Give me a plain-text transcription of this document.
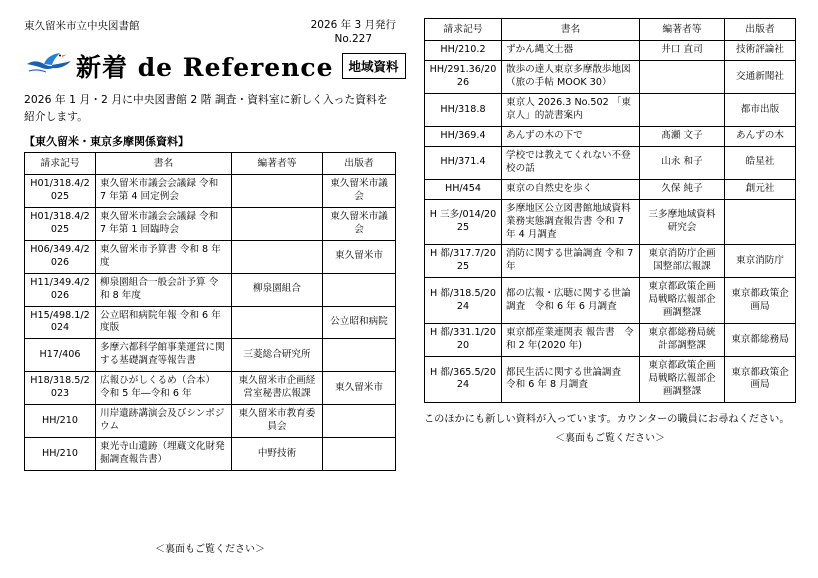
東久留米市立中央図書館	2026 年 3 月発行
No.227
新着 de Reference	地域資料
2026 年 1 月・2 月に中央図書館 2 階 調査・資料室に新しく入った資料を紹介します。
【東久留米・東京多摩関係資料】
請求記号	書名	編著者等	出版者
H01/318.4/2025	東久留米市議会会議録 令和 7 年第 4 回定例会		東久留米市議会
H01/318.4/2025	東久留米市議会会議録 令和 7 年第 1 回臨時会		東久留米市議会
H06/349.4/2026	東久留米市予算書 令和 8 年度		東久留米市
H11/349.4/2026	柳泉園組合一般会計予算 令和 8 年度	柳泉園組合	
H15/498.1/2024	公立昭和病院年報 令和 6 年度版		公立昭和病院
H17/406	多摩六都科学館事業運営に関する基礎調査等報告書	三菱総合研究所	
H18/318.5/2023	広報ひがしくるめ（合本）　令和 5 年―令和 6 年	東久留米市企画経営室秘書広報課	東久留米市
HH/210	川岸遺跡講演会及びシンポジウム	東久留米市教育委員会	
HH/210	東光寺山遺跡（埋蔵文化財発掘調査報告書）	中野技術	
＜裏面もご覧ください＞
請求記号	書名	編著者等	出版者
HH/210.2	ずかん縄文土器	井口 直司	技術評論社
HH/291.36/2026	散歩の達人東京多摩散歩地図（旅の手帖 MOOK 30）		交通新聞社
HH/318.8	東京人 2026.3 No.502 「東京人」的読書案内		都市出版
HH/369.4	あんずの木の下で	髙瀬 文子	あんずの木
HH/371.4	学校では教えてくれない不登校の話	山永 和子	皓星社
HH/454	東京の自然史を歩く	久保 純子	創元社
H 三多/014/2025	多摩地区公立図書館地域資料業務実態調査報告書 令和 7 年 4 月調査	三多摩地域資料研究会	
H 都/317.7/2025	消防に関する世論調査 令和 7 年	東京消防庁企画国整部広報課	東京消防庁
H 都/318.5/2024	都の広報・広聴に関する世論調査　令和 6 年 6 月調査	東京都政策企画局戦略広報部企画調整課	東京都政策企画局
H 都/331.1/2020	東京都産業連関表 報告書　令和 2 年(2020 年)	東京都総務局統計部調整課	東京都総務局
H 都/365.5/2024	都民生活に関する世論調査　令和 6 年 8 月調査	東京都政策企画局戦略広報部企画調整課	東京都政策企画局
このほかにも新しい資料が入っています。カウンターの職員にお尋ねください。
＜裏面もご覧ください＞
